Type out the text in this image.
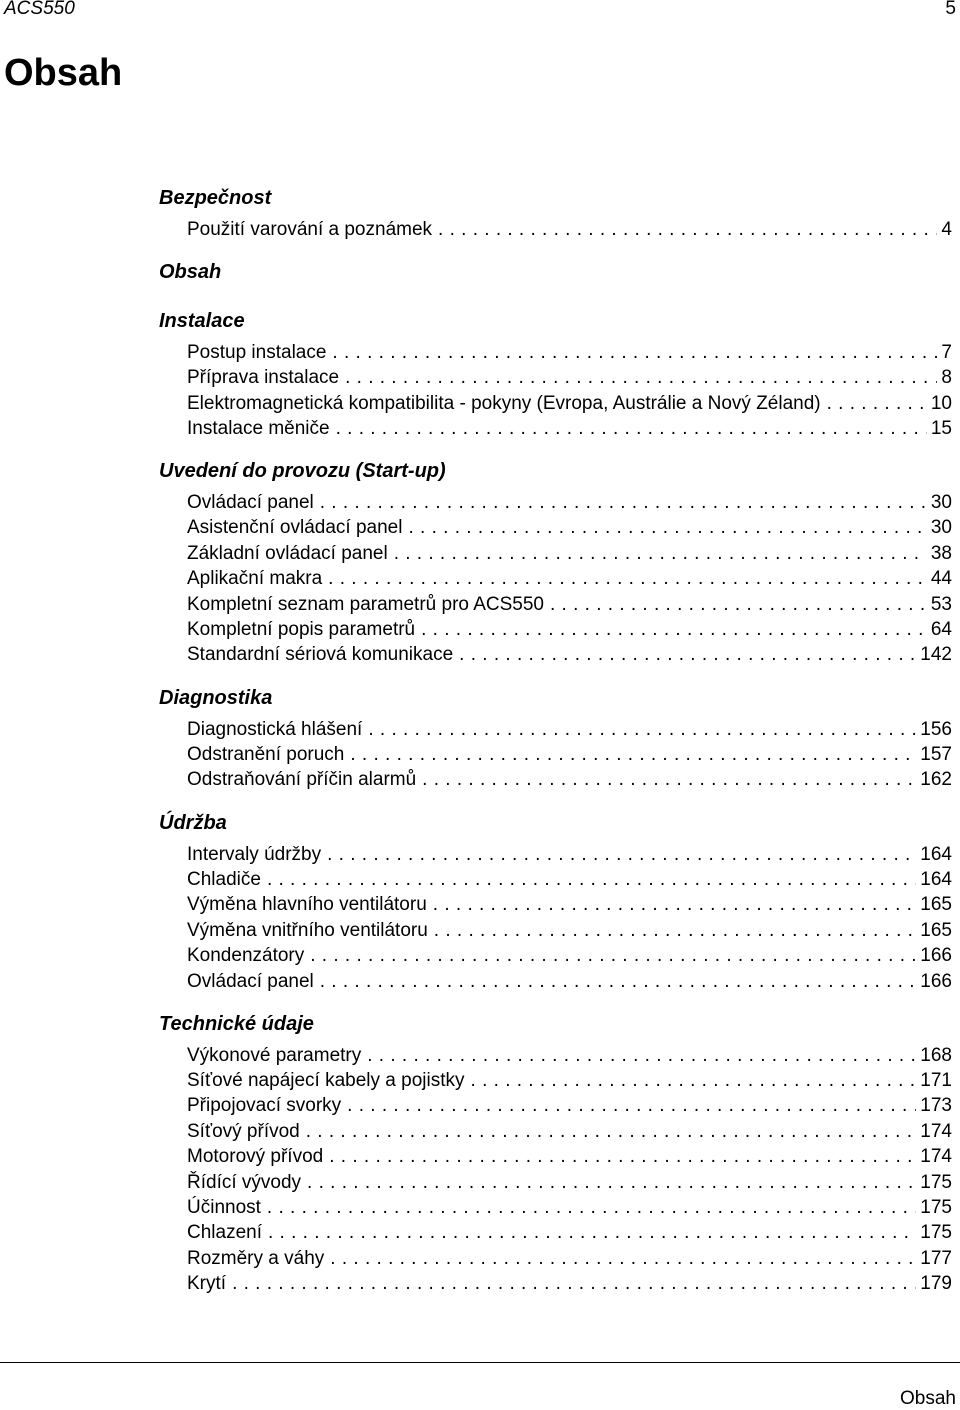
ACS550	5
Obsah
Bezpečnost
Použití varování a poznámek . . .	4
Obsah
Instalace
Postup instalace . . .	7
Příprava instalace . . .	8
Elektromagnetická kompatibilita - pokyny (Evropa, Austrálie a Nový Zéland) . . .	10
Instalace měniče . . .	15
Uvedení do provozu (Start-up)
Ovládací panel . . .	30
Asistenční ovládací panel . . .	30
Základní ovládací panel . . .	38
Aplikační makra . . .	44
Kompletní seznam parametrů pro ACS550 . . .	53
Kompletní popis parametrů . . .	64
Standardní sériová komunikace . . .	142
Diagnostika
Diagnostická hlášení . . .	156
Odstranění poruch . . .	157
Odstraňování příčin alarmů . . .	162
Údržba
Intervaly údržby . . .	164
Chladiče . . .	164
Výměna hlavního ventilátoru . . .	165
Výměna vnitřního ventilátoru . . .	165
Kondenzátory . . .	166
Ovládací panel . . .	166
Technické údaje
Výkonové parametry . . .	168
Síťové napájecí kabely a pojistky . . .	171
Připojovací svorky . . .	173
Síťový přívod . . .	174
Motorový přívod . . .	174
Řídící vývody . . .	175
Účinnost . . .	175
Chlazení . . .	175
Rozměry a váhy . . .	177
Krytí . . .	179
Obsah
